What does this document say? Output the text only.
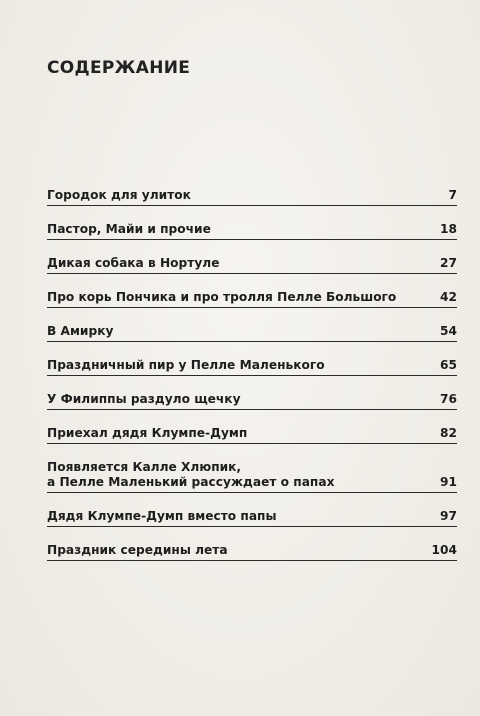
СОДЕРЖАНИЕ
Городок для улиток	7
Пастор, Майи и прочие	18
Дикая собака в Нортуле	27
Про корь Пончика и про тролля Пелле Большого	42
В Амирку	54
Праздничный пир у Пелле Маленького	65
У Филиппы раздуло щечку	76
Приехал дядя Клумпе-Думп	82
Появляется Калле Хлюпик,
а Пелле Маленький рассуждает о папах	91
Дядя Клумпе-Думп вместо папы	97
Праздник середины лета	104
